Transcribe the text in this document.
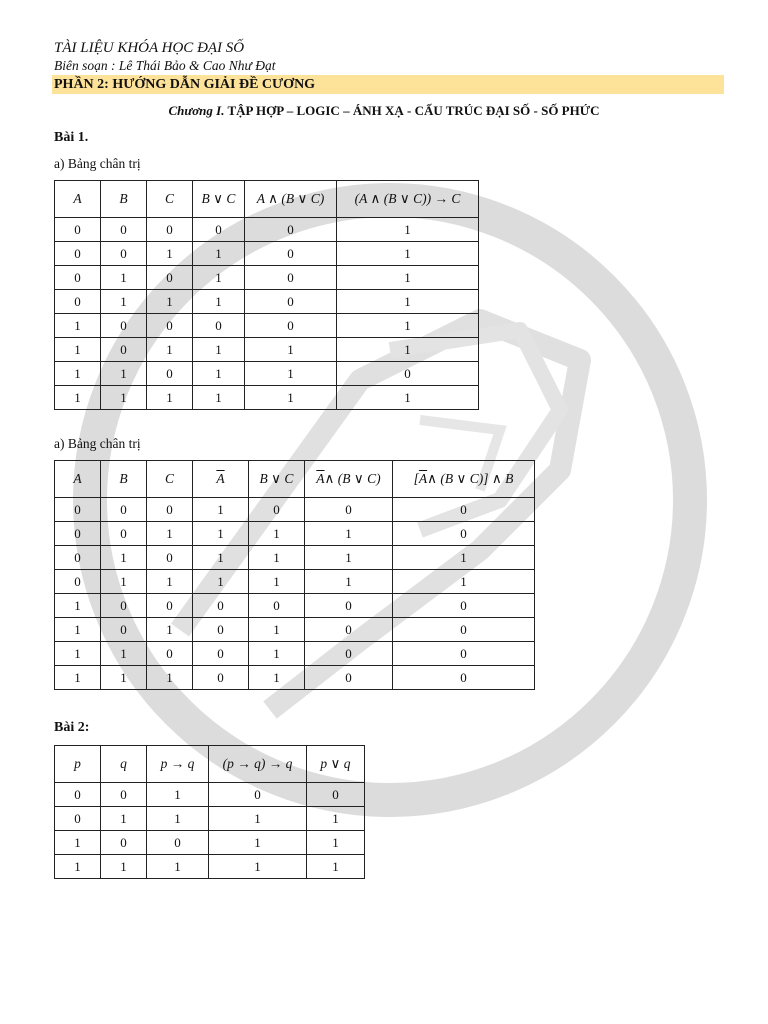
TÀI LIỆU KHÓA HỌC ĐẠI SỐ
Biên soạn : Lê Thái Bảo & Cao Như Đạt
PHẦN 2: HƯỚNG DẪN GIẢI ĐỀ CƯƠNG
Chương I. TẬP HỢP – LOGIC – ÁNH XẠ - CẤU TRÚC ĐẠI SỐ - SỐ PHỨC
Bài 1.
a) Bảng chân trị
A	B	C	B ∨ C	A ∧ (B ∨ C)	(A ∧ (B ∨ C)) → C
0	0	0	0	0	1
0	0	1	1	0	1
0	1	0	1	0	1
0	1	1	1	0	1
1	0	0	0	0	1
1	0	1	1	1	1
1	1	0	1	1	0
1	1	1	1	1	1
a) Bảng chân trị
A	B	C	$\overline{A}$	B ∨ C	$\overline{A}\wedge$ (B ∨ C)	[$\overline{A}\wedge$ (B ∨ C)] ∧ B
0	0	0	1	0	0	0
0	0	1	1	1	1	0
0	1	0	1	1	1	1
0	1	1	1	1	1	1
1	0	0	0	0	0	0
1	0	1	0	1	0	0
1	1	0	0	1	0	0
1	1	1	0	1	0	0
Bài 2:
p	q	p → q	(p → q) → q	p ∨ q
0	0	1	0	0
0	1	1	1	1
1	0	0	1	1
1	1	1	1	1
